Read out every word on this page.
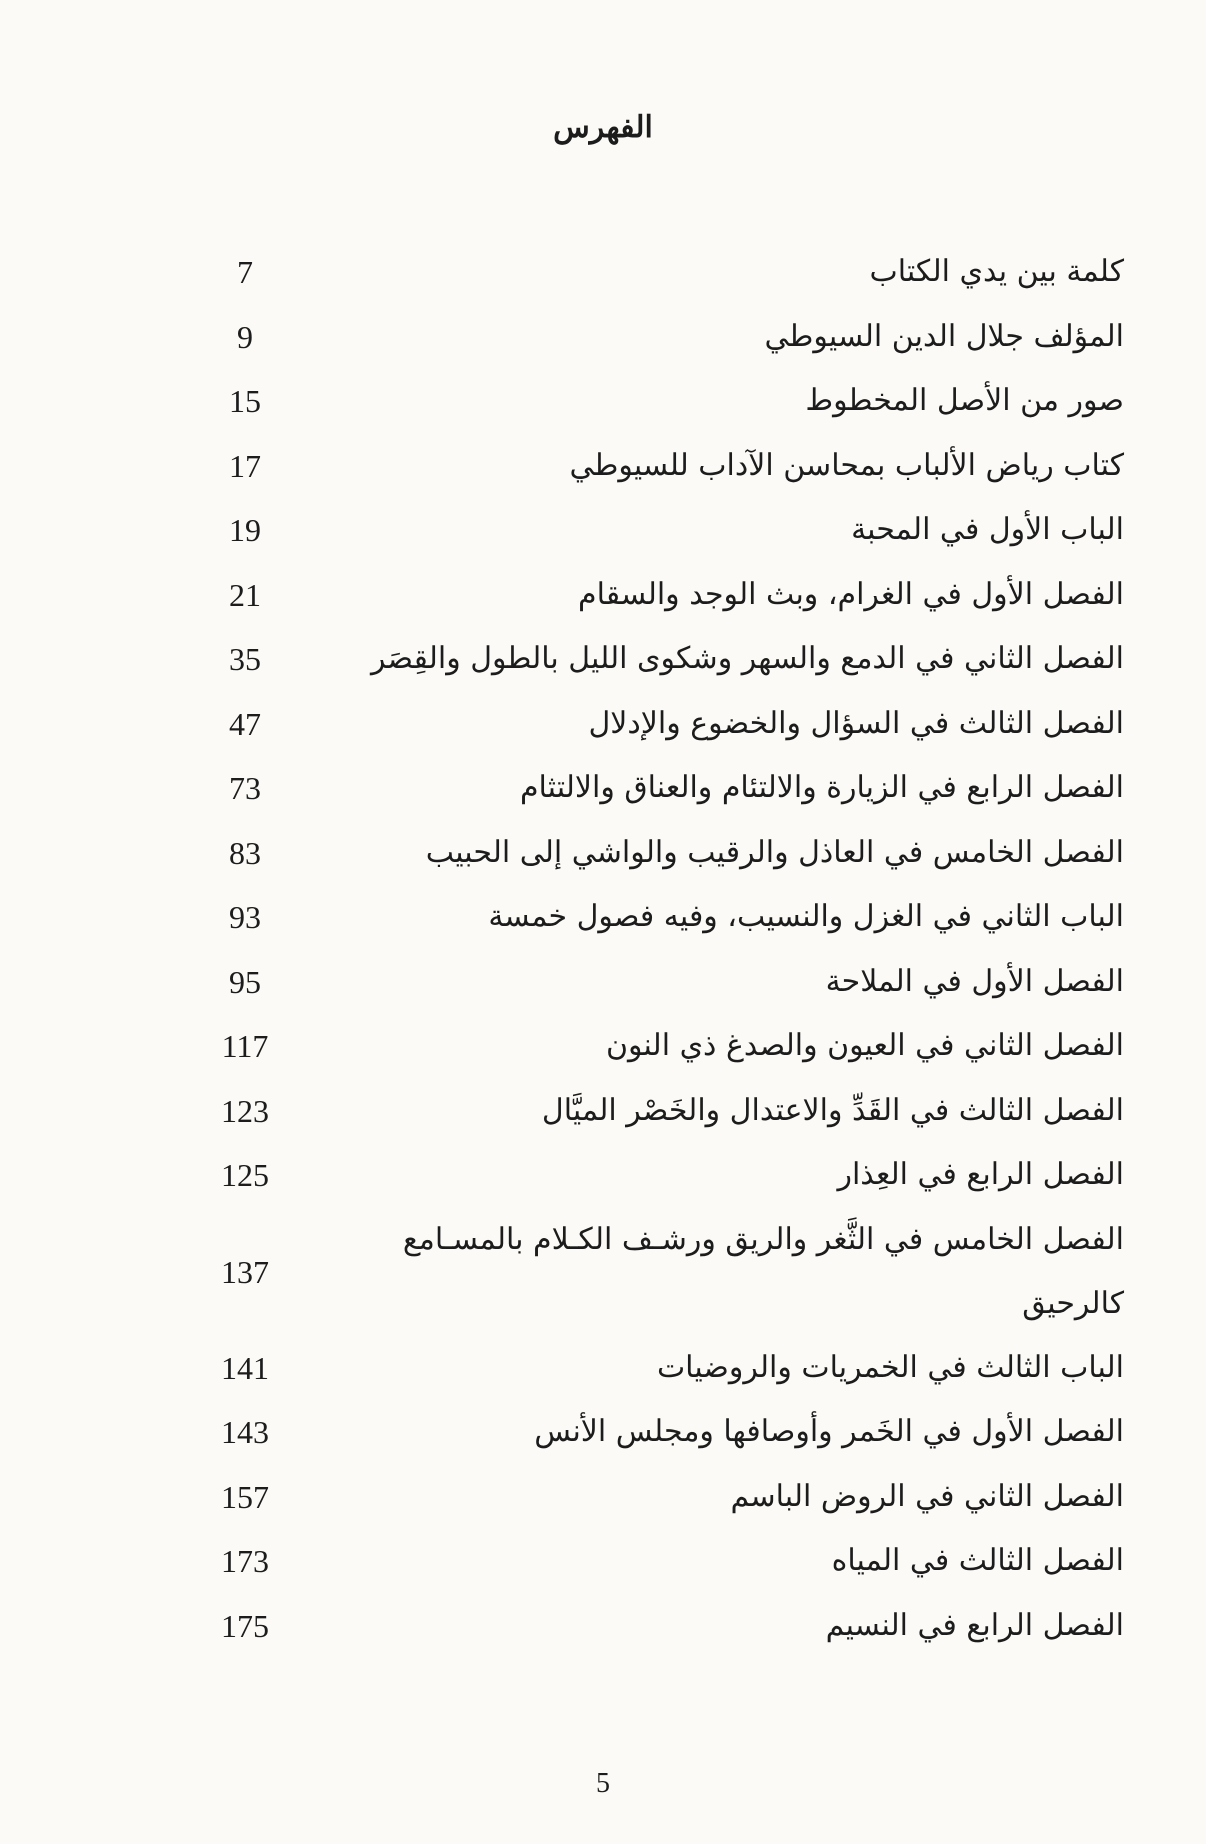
الفهرس
كلمة بين يدي الكتاب
7
المؤلف جلال الدين السيوطي
9
صور من الأصل المخطوط
15
كتاب رياض الألباب بمحاسن الآداب للسيوطي
17
الباب الأول في المحبة
19
الفصل الأول في الغرام، وبث الوجد والسقام
21
الفصل الثاني في الدمع والسهر وشكوى الليل بالطول والقِصَر
35
الفصل الثالث في السؤال والخضوع والإدلال
47
الفصل الرابع في الزيارة والالتئام والعناق والالتثام
73
الفصل الخامس في العاذل والرقيب والواشي إلى الحبيب
83
الباب الثاني في الغزل والنسيب، وفيه فصول خمسة
93
الفصل الأول في الملاحة
95
الفصل الثاني في العيون والصدغ ذي النون
117
الفصل الثالث في القَدِّ والاعتدال والخَصْر الميَّال
123
الفصل الرابع في العِذار
125
الفصل الخامس في الثَّغر والريق ورشـف الكـلام بالمسـامع كالرحيق
137
الباب الثالث في الخمريات والروضيات
141
الفصل الأول في الخَمر وأوصافها ومجلس الأنس
143
الفصل الثاني في الروض الباسم
157
الفصل الثالث في المياه
173
الفصل الرابع في النسيم
175
5
